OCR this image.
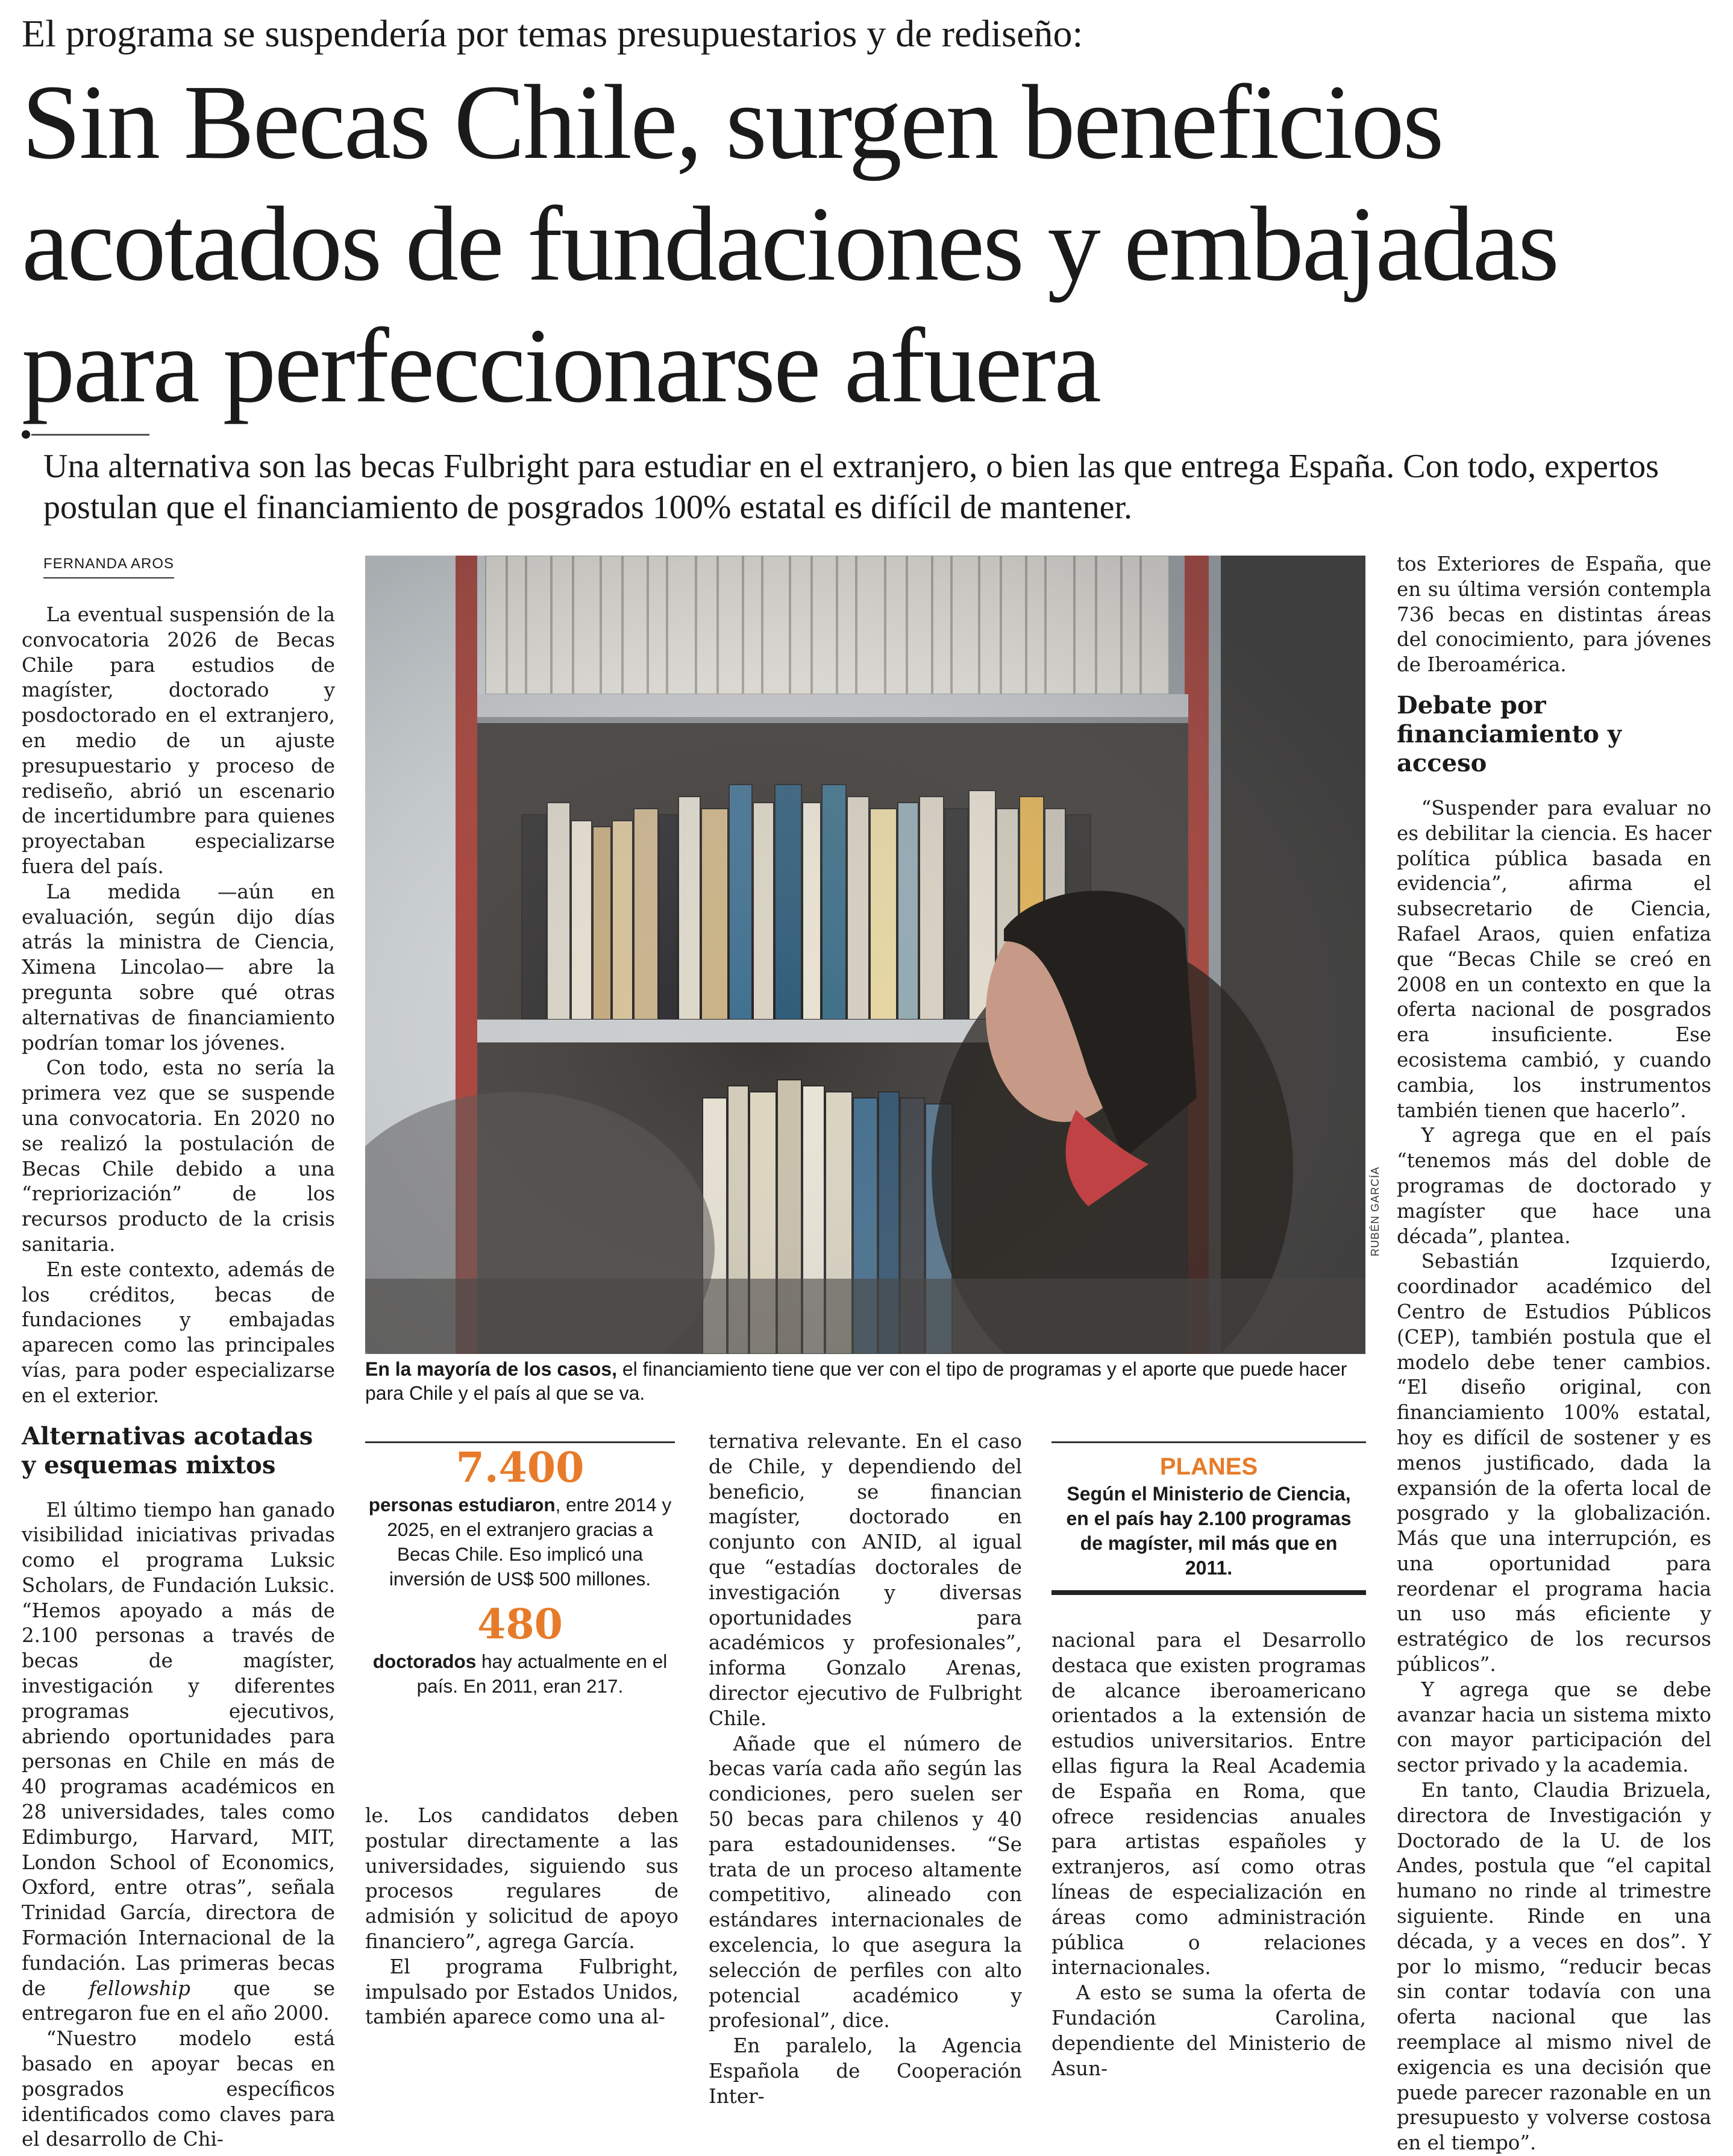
El programa se suspendería por temas presupuestarios y de rediseño:
Sin Becas Chile, surgen beneficios acotados de fundaciones y embajadas para perfeccionarse afuera
Una alternativa son las becas Fulbright para estudiar en el extranjero, o bien las que entrega España. Con todo, expertos postulan que el financiamiento de posgrados 100% estatal es difícil de mantener.
FERNANDA AROS

La eventual suspensión de la convocatoria 2026 de Becas Chile para estudios de magíster, doctorado y posdoctorado en el extranjero, en medio de un ajuste presupuestario y proceso de rediseño, abrió un escenario de incertidumbre para quienes proyectaban especializarse fuera del país.

La medida —aún en evaluación, según dijo días atrás la ministra de Ciencia, Ximena Lincolao— abre la pregunta sobre qué otras alternativas de financiamiento podrían tomar los jóvenes.

Con todo, esta no sería la primera vez que se suspende una convocatoria. En 2020 no se realizó la postulación de Becas Chile debido a una “repriorización” de los recursos producto de la crisis sanitaria.

En este contexto, además de los créditos, becas de fundaciones y embajadas aparecen como las principales vías, para poder especializarse en el exterior.

Alternativas acotadas y esquemas mixtos

El último tiempo han ganado visibilidad iniciativas privadas como el programa Luksic Scholars, de Fundación Luksic. “Hemos apoyado a más de 2.100 personas a través de becas de magíster, investigación y diferentes programas ejecutivos, abriendo oportunidades para personas en Chile en más de 40 programas académicos en 28 universidades, tales como Edimburgo, Harvard, MIT, London School of Economics, Oxford, entre otras”, señala Trinidad García, directora de Formación Internacional de la fundación. Las primeras becas de fellowship que se entregaron fue en el año 2000.

“Nuestro modelo está basado en apoyar becas en posgrados específicos identificados como claves para el desarrollo de Chi-

RUBÉN GARCÍA
En la mayoría de los casos, el financiamiento tiene que ver con el tipo de programas y el aporte que puede hacer para Chile y el país al que se va.
7.400
personas estudiaron, entre 2014 y 2025, en el extranjero gracias a Becas Chile. Eso implicó una inversión de US$ 500 millones.
480
doctorados hay actualmente en el país. En 2011, eran 217.

le. Los candidatos deben postular directamente a las universidades, siguiendo sus procesos regulares de admisión y solicitud de apoyo financiero”, agrega García.

El programa Fulbright, impulsado por Estados Unidos, también aparece como una al-

ternativa relevante. En el caso de Chile, y dependiendo del beneficio, se financian magíster, doctorado en conjunto con ANID, al igual que “estadías doctorales de investigación y diversas oportunidades para académicos y profesionales”, informa Gonzalo Arenas, director ejecutivo de Fulbright Chile.

Añade que el número de becas varía cada año según las condiciones, pero suelen ser 50 becas para chilenos y 40 para estadounidenses. “Se trata de un proceso altamente competitivo, alineado con estándares internacionales de excelencia, lo que asegura la selección de perfiles con alto potencial académico y profesional”, dice.

En paralelo, la Agencia Española de Cooperación Inter-

PLANES
Según el Ministerio de Ciencia, en el país hay 2.100 programas de magíster, mil más que en 2011.

nacional para el Desarrollo destaca que existen programas de alcance iberoamericano orientados a la extensión de estudios universitarios. Entre ellas figura la Real Academia de España en Roma, que ofrece residencias anuales para artistas españoles y extranjeros, así como otras líneas de especialización en áreas como administración pública o relaciones internacionales.

A esto se suma la oferta de Fundación Carolina, dependiente del Ministerio de Asun-

tos Exteriores de España, que en su última versión contempla 736 becas en distintas áreas del conocimiento, para jóvenes de Iberoamérica.

Debate por financiamiento y acceso

“Suspender para evaluar no es debilitar la ciencia. Es hacer política pública basada en evidencia”, afirma el subsecretario de Ciencia, Rafael Araos, quien enfatiza que “Becas Chile se creó en 2008 en un contexto en que la oferta nacional de posgrados era insuficiente. Ese ecosistema cambió, y cuando cambia, los instrumentos también tienen que hacerlo”.

Y agrega que en el país “tenemos más del doble de programas de doctorado y magíster que hace una década”, plantea.

Sebastián Izquierdo, coordinador académico del Centro de Estudios Públicos (CEP), también postula que el modelo debe tener cambios. “El diseño original, con financiamiento 100% estatal, hoy es difícil de sostener y es menos justificado, dada la expansión de la oferta local de posgrado y la globalización. Más que una interrupción, es una oportunidad para reordenar el programa hacia un uso más eficiente y estratégico de los recursos públicos”.

Y agrega que se debe avanzar hacia un sistema mixto con mayor participación del sector privado y la academia.

En tanto, Claudia Brizuela, directora de Investigación y Doctorado de la U. de los Andes, postula que “el capital humano no rinde al trimestre siguiente. Rinde en una década, y a veces en dos”. Y por lo mismo, “reducir becas sin contar todavía con una oferta nacional que las reemplace al mismo nivel de exigencia es una decisión que puede parecer razonable en un presupuesto y volverse costosa en el tiempo”.
